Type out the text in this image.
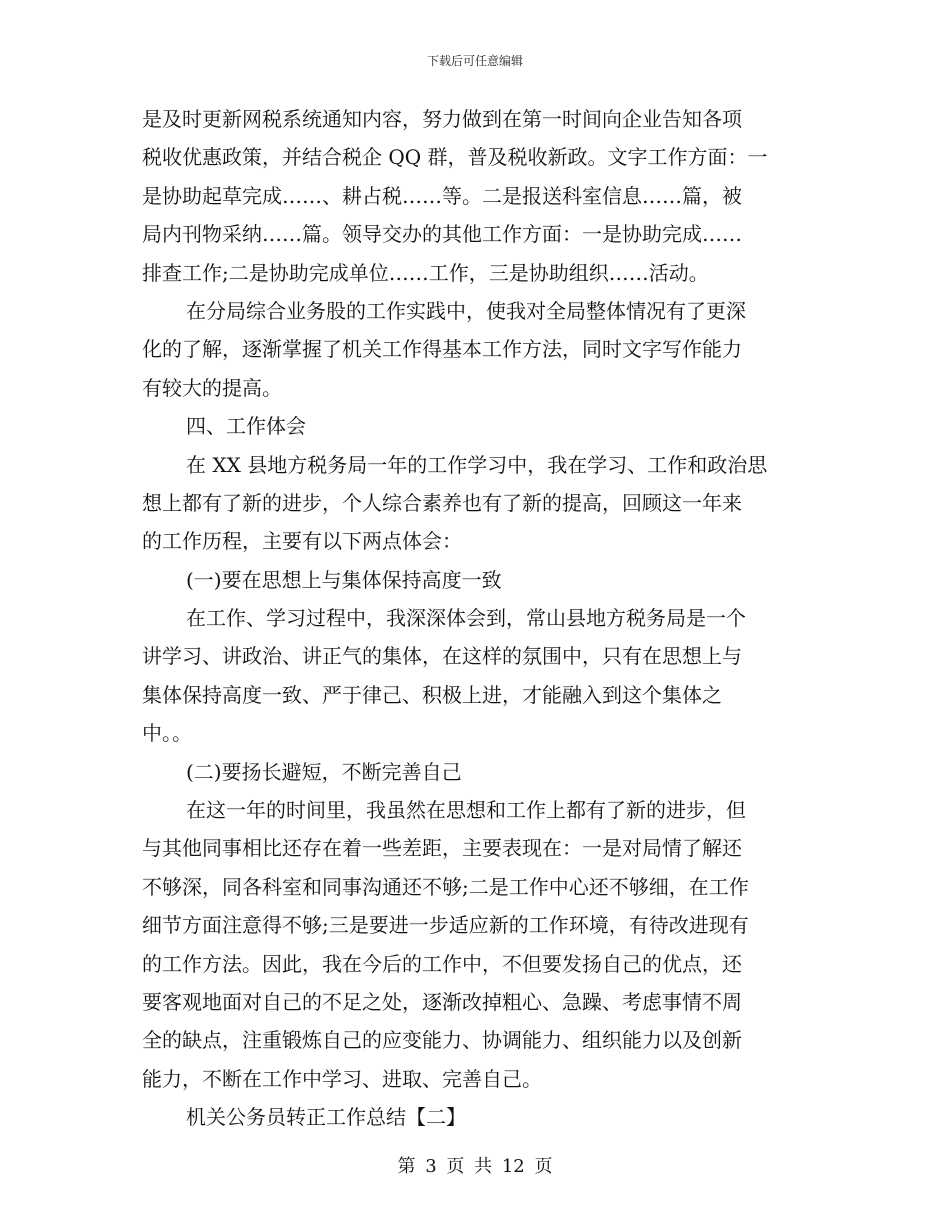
下载后可任意编辑
是及时更新网税系统通知内容，努力做到在第一时间向企业告知各项
税收优惠政策，并结合税企 QQ 群，普及税收新政。文字工作方面：一
是协助起草完成……、耕占税……等。二是报送科室信息……篇，被
局内刊物采纳……篇。领导交办的其他工作方面：一是协助完成……
排查工作;二是协助完成单位……工作，三是协助组织……活动。
在分局综合业务股的工作实践中，使我对全局整体情况有了更深
化的了解，逐渐掌握了机关工作得基本工作方法，同时文字写作能力
有较大的提高。
四、工作体会
在 XX 县地方税务局一年的工作学习中，我在学习、工作和政治思
想上都有了新的进步，个人综合素养也有了新的提高，回顾这一年来
的工作历程，主要有以下两点体会：
(一)要在思想上与集体保持高度一致
在工作、学习过程中，我深深体会到，常山县地方税务局是一个
讲学习、讲政治、讲正气的集体，在这样的氛围中，只有在思想上与
集体保持高度一致、严于律己、积极上进，才能融入到这个集体之
中。。
(二)要扬长避短，不断完善自己
在这一年的时间里，我虽然在思想和工作上都有了新的进步，但
与其他同事相比还存在着一些差距，主要表现在：一是对局情了解还
不够深，同各科室和同事沟通还不够;二是工作中心还不够细，在工作
细节方面注意得不够;三是要进一步适应新的工作环境，有待改进现有
的工作方法。因此，我在今后的工作中，不但要发扬自己的优点，还
要客观地面对自己的不足之处，逐渐改掉粗心、急躁、考虑事情不周
全的缺点，注重锻炼自己的应变能力、协调能力、组织能力以及创新
能力，不断在工作中学习、进取、完善自己。
机关公务员转正工作总结【二】
第 3 页 共 12 页
